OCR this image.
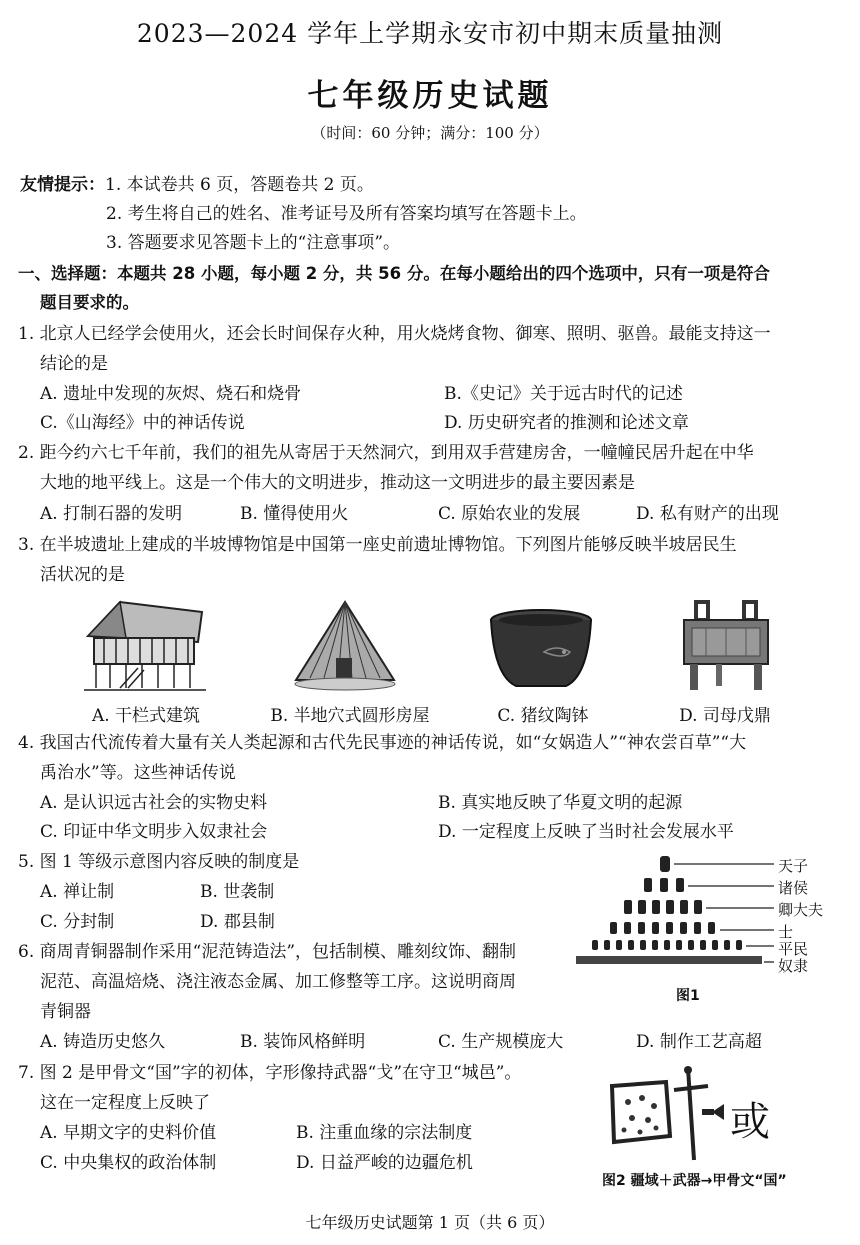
2023—2024 学年上学期永安市初中期末质量抽测
七年级历史试题
（时间：60 分钟；满分：100 分）
友情提示：1. 本试卷共 6 页，答题卷共 2 页。
2. 考生将自己的姓名、准考证号及所有答案均填写在答题卡上。
3. 答题要求见答题卡上的“注意事项”。
一、选择题：本题共 28 小题，每小题 2 分，共 56 分。在每小题给出的四个选项中，只有一项是符合
题目要求的。
1. 北京人已经学会使用火，还会长时间保存火种，用火烧烤食物、御寒、照明、驱兽。最能支持这一
结论的是
A. 遗址中发现的灰烬、烧石和烧骨	B.《史记》关于远古时代的记述
C.《山海经》中的神话传说	D. 历史研究者的推测和论述文章
2. 距今约六七千年前，我们的祖先从寄居于天然洞穴，到用双手营建房舍，一幢幢民居升起在中华
大地的地平线上。这是一个伟大的文明进步，推动这一文明进步的最主要因素是
A. 打制石器的发明	B. 懂得使用火	C. 原始农业的发展	D. 私有财产的出现
3. 在半坡遗址上建成的半坡博物馆是中国第一座史前遗址博物馆。下列图片能够反映半坡居民生
活状况的是
A. 干栏式建筑	B. 半地穴式圆形房屋	C. 猪纹陶钵	D. 司母戊鼎
4. 我国古代流传着大量有关人类起源和古代先民事迹的神话传说，如“女娲造人”“神农尝百草”“大
禹治水”等。这些神话传说
A. 是认识远古社会的实物史料	B. 真实地反映了华夏文明的起源
C. 印证中华文明步入奴隶社会	D. 一定程度上反映了当时社会发展水平
5. 图 1 等级示意图内容反映的制度是
A. 禅让制	B. 世袭制
C. 分封制	D. 郡县制
天子
诸侯
卿大夫
士
平民
奴隶
图1
6. 商周青铜器制作采用“泥范铸造法”，包括制模、雕刻纹饰、翻制
泥范、高温焙烧、浇注液态金属、加工修整等工序。这说明商周
青铜器
A. 铸造历史悠久	B. 装饰风格鲜明	C. 生产规模庞大	D. 制作工艺高超
7. 图 2 是甲骨文“国”字的初体，字形像持武器“戈”在守卫“城邑”。
这在一定程度上反映了
A. 早期文字的史料价值	B. 注重血缘的宗法制度
C. 中央集权的政治体制	D. 日益严峻的边疆危机
或
图2 疆域＋武器→甲骨文“国”
七年级历史试题第 1 页（共 6 页）
